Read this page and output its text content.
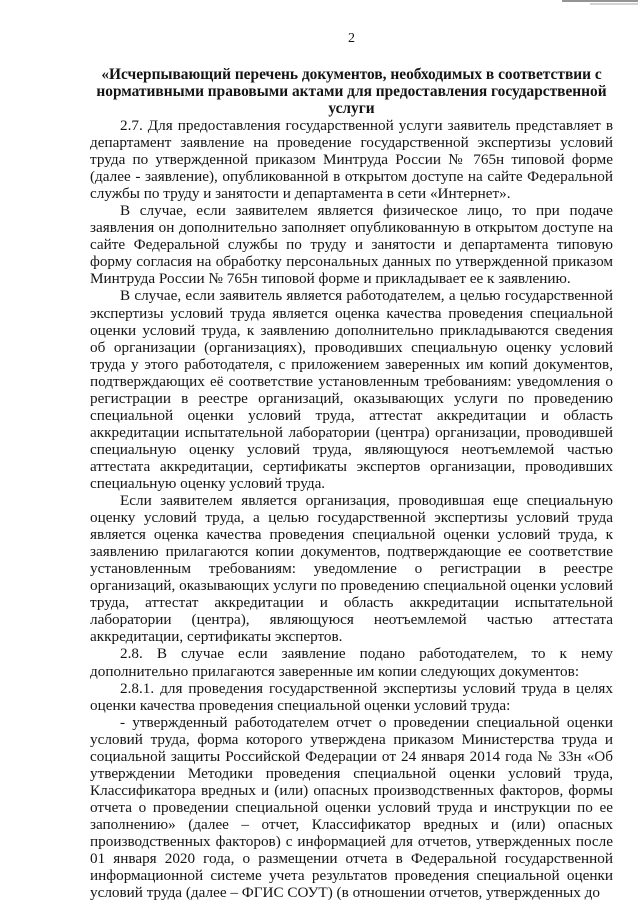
2
«Исчерпывающий перечень документов, необходимых в соответствии с
нормативными правовыми актами для предоставления государственной
услуги

2.7. Для предоставления государственной услуги заявитель представляет в департамент заявление на проведение государственной экспертизы условий труда по утвержденной приказом Минтруда России № 765н типовой форме (далее - заявление), опубликованной в открытом доступе на сайте Федеральной службы по труду и занятости и департамента в сети «Интернет».

В случае, если заявителем является физическое лицо, то при подаче заявления он дополнительно заполняет опубликованную в открытом доступе на сайте Федеральной службы по труду и занятости и департамента типовую форму согласия на обработку персональных данных по утвержденной приказом Минтруда России № 765н типовой форме и прикладывает ее к заявлению.

В случае, если заявитель является работодателем, а целью государственной экспертизы условий труда является оценка качества проведения специальной оценки условий труда, к заявлению дополнительно прикладываются сведения об организации (организациях), проводивших специальную оценку условий труда у этого работодателя, с приложением заверенных им копий документов, подтверждающих её соответствие установленным требованиям: уведомления о регистрации в реестре организаций, оказывающих услуги по проведению специальной оценки условий труда, аттестат аккредитации и область аккредитации испытательной лаборатории (центра) организации, проводившей специальную оценку условий труда, являющуюся неотъемлемой частью аттестата аккредитации, сертификаты экспертов организации, проводивших специальную оценку условий труда.

Если заявителем является организация, проводившая еще специальную оценку условий труда, а целью государственной экспертизы условий труда является оценка качества проведения специальной оценки условий труда, к заявлению прилагаются копии документов, подтверждающие ее соответствие установленным требованиям: уведомление о регистрации в реестре организаций, оказывающих услуги по проведению специальной оценки условий труда, аттестат аккредитации и область аккредитации испытательной лаборатории (центра), являющуюся неотъемлемой частью аттестата аккредитации, сертификаты экспертов.

2.8. В случае если заявление подано работодателем, то к нему дополнительно прилагаются заверенные им копии следующих документов:

2.8.1. для проведения государственной экспертизы условий труда в целях оценки качества проведения специальной оценки условий труда:

- утвержденный работодателем отчет о проведении специальной оценки условий труда, форма которого утверждена приказом Министерства труда и социальной защиты Российской Федерации от 24 января 2014 года № 33н «Об утверждении Методики проведения специальной оценки условий труда, Классификатора вредных и (или) опасных производственных факторов, формы отчета о проведении специальной оценки условий труда и инструкции по ее заполнению» (далее – отчет, Классификатор вредных и (или) опасных производственных факторов) с информацией для отчетов, утвержденных после 01 января 2020 года, о размещении отчета в Федеральной государственной информационной системе учета результатов проведения специальной оценки условий труда (далее – ФГИС СОУТ) (в отношении отчетов, утвержденных до
